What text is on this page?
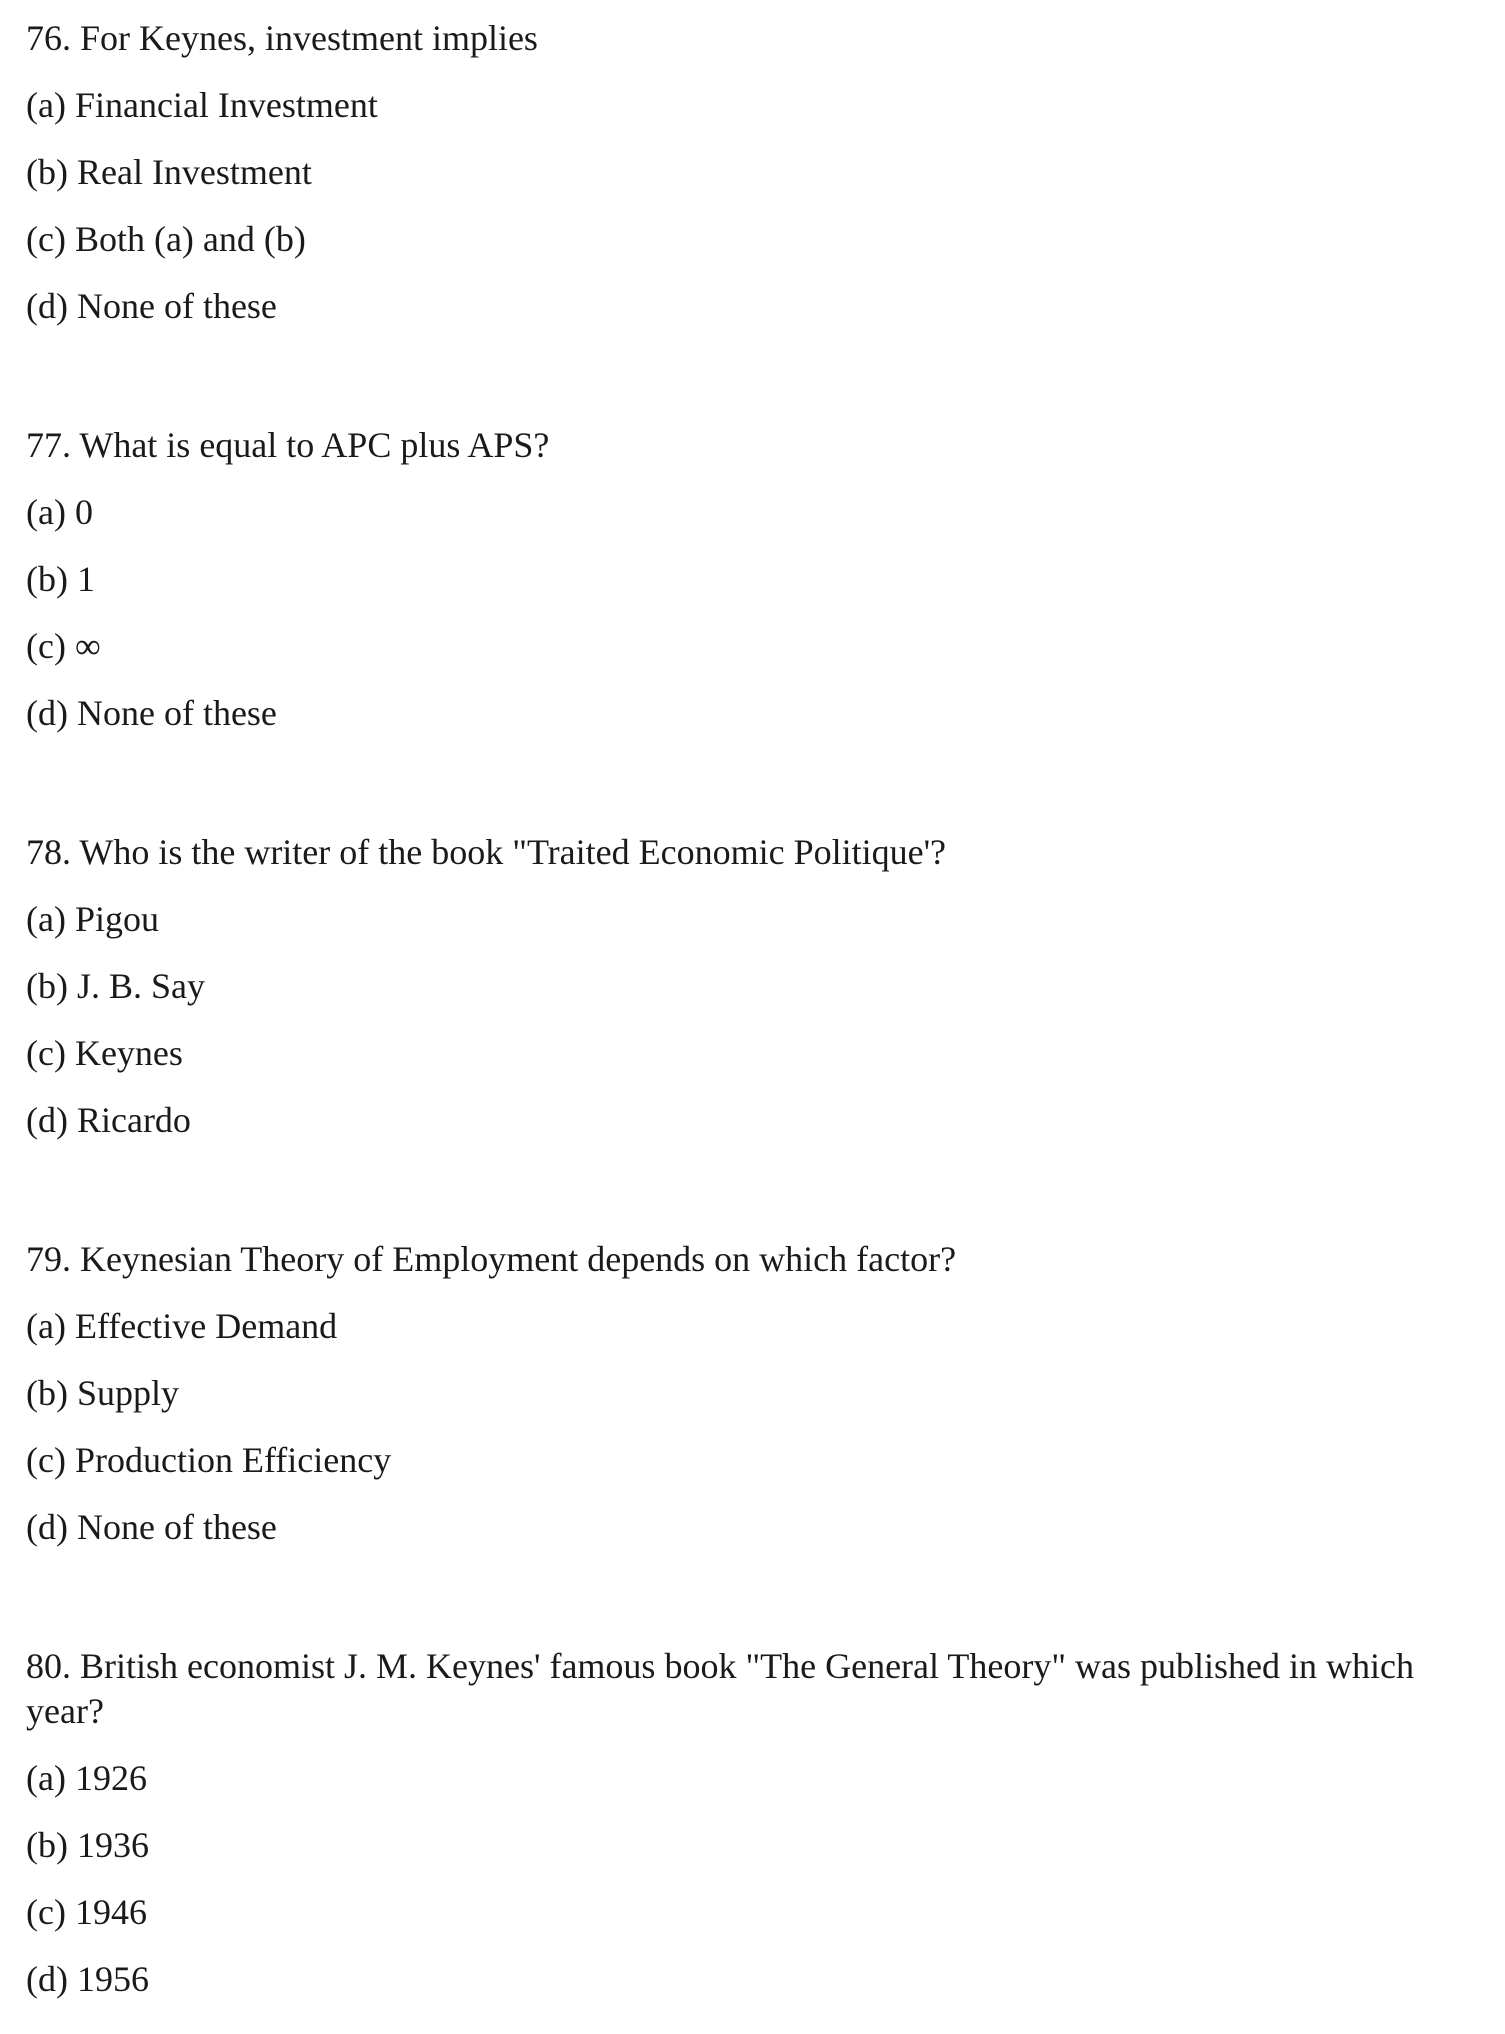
76. For Keynes, investment implies

(a) Financial Investment
(b) Real Investment
(c) Both (a) and (b)
(d) None of these

77. What is equal to APC plus APS?

(a) 0
(b) 1
(c) ∞
(d) None of these

78. Who is the writer of the book "Traited Economic Politique'?

(a) Pigou
(b) J. B. Say
(c) Keynes
(d) Ricardo

79. Keynesian Theory of Employment depends on which factor?

(a) Effective Demand
(b) Supply
(c) Production Efficiency
(d) None of these

80. British economist J. M. Keynes' famous book "The General Theory" was published in which year?

(a) 1926
(b) 1936
(c) 1946
(d) 1956
